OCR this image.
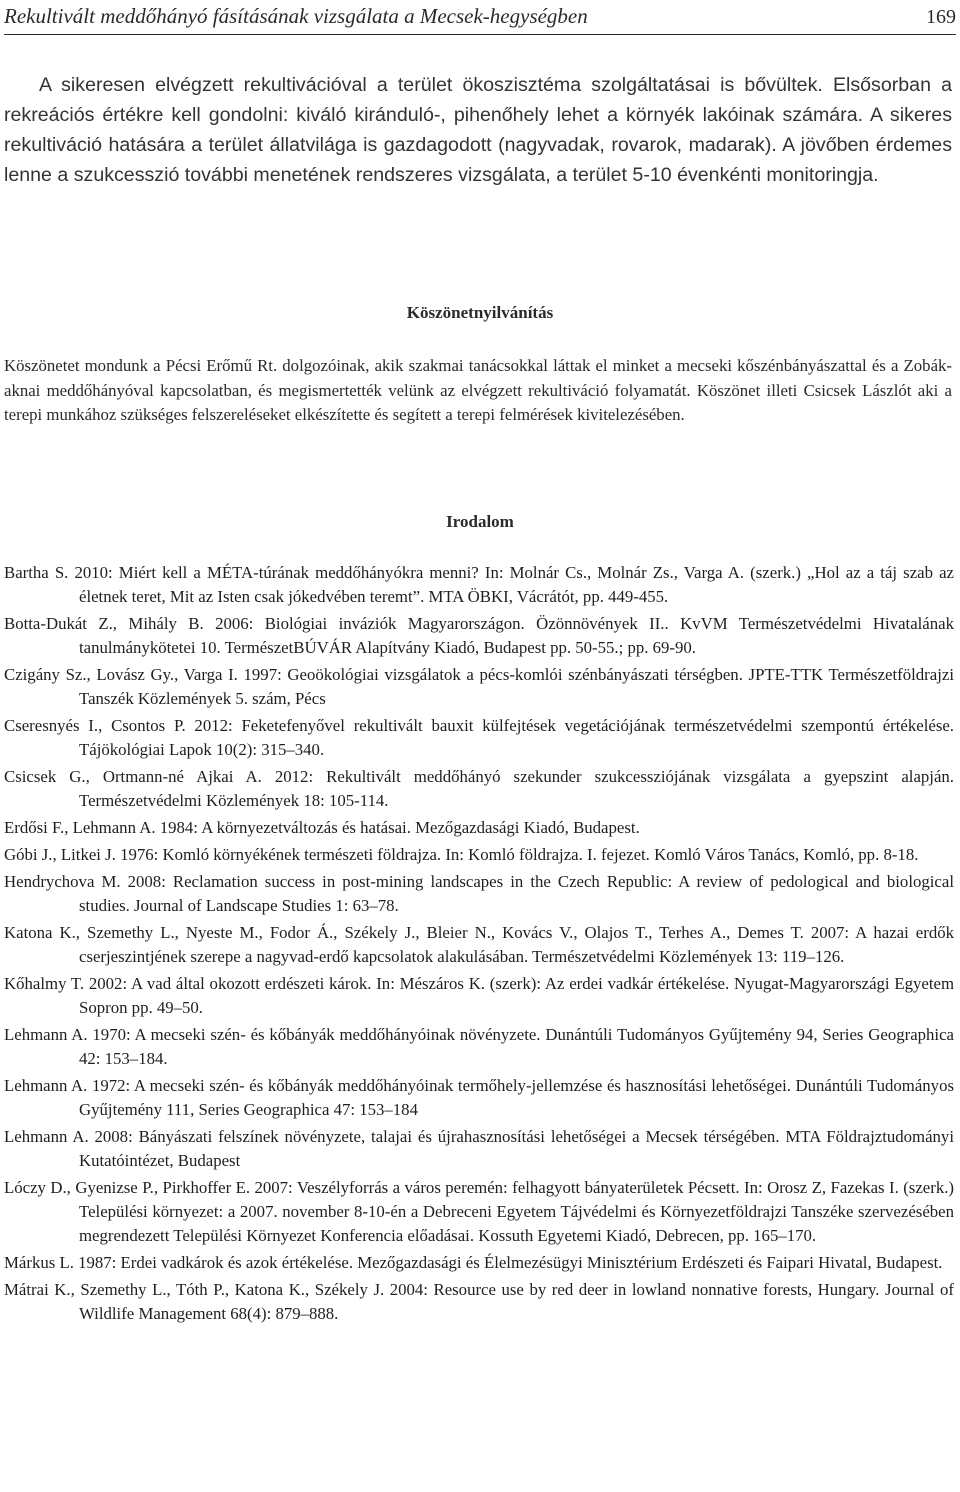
Rekultivált meddőhányó fásításának vizsgálata a Mecsek-hegységben	169

A sikeresen elvégzett rekultivációval a terület ökoszisztéma szolgáltatásai is bővültek. Elsősorban a rekreációs értékre kell gondolni: kiváló kiránduló-, pihenőhely lehet a környék lakóinak számára. A sikeres rekultiváció hatására a terület állatvilága is gazdagodott (nagyvadak, rovarok, madarak). A jövőben érdemes lenne a szukcesszió további menetének rendszeres vizsgálata, a terület 5-10 évenkénti monitoringja.

Köszönetnyilvánítás

Köszönetet mondunk a Pécsi Erőmű Rt. dolgozóinak, akik szakmai tanácsokkal láttak el minket a mecseki kőszénbányászattal és a Zobák-aknai meddőhányóval kapcsolatban, és megismertették velünk az elvégzett rekultiváció folyamatát. Köszönet illeti Csicsek Lászlót aki a terepi munkához szükséges felszereléseket elkészítette és segített a terepi felmérések kivitelezésében.

Irodalom
Bartha S. 2010: Miért kell a MÉTA-túrának meddőhányókra menni? In: Molnár Cs., Molnár Zs., Varga A. (szerk.) „Hol az a táj szab az életnek teret, Mit az Isten csak jókedvében teremt”. MTA ÖBKI, Vácrátót, pp. 449-455.
Botta-Dukát Z., Mihály B. 2006: Biológiai inváziók Magyarországon. Özönnövények II.. KvVM Természetvédelmi Hivatalának tanulmánykötetei 10. TermészetBÚVÁR Alapítvány Kiadó, Budapest pp. 50-55.; pp. 69-90.
Czigány Sz., Lovász Gy., Varga I. 1997: Geoökológiai vizsgálatok a pécs-komlói szénbányászati térségben. JPTE-TTK Természetföldrajzi Tanszék Közlemények 5. szám, Pécs
Cseresnyés I., Csontos P. 2012: Feketefenyővel rekultivált bauxit külfejtések vegetációjának természetvédelmi szempontú értékelése. Tájökológiai Lapok 10(2): 315–340.
Csicsek G., Ortmann-né Ajkai A. 2012: Rekultivált meddőhányó szekunder szukcessziójának vizsgálata a gyepszint alapján. Természetvédelmi Közlemények 18: 105-114.
Erdősi F., Lehmann A. 1984: A környezetváltozás és hatásai. Mezőgazdasági Kiadó, Budapest.
Góbi J., Litkei J. 1976: Komló környékének természeti földrajza. In: Komló földrajza. I. fejezet. Komló Város Tanács, Komló, pp. 8-18.
Hendrychova M. 2008: Reclamation success in post-mining landscapes in the Czech Republic: A review of pedological and biological studies. Journal of Landscape Studies 1: 63–78.
Katona K., Szemethy L., Nyeste M., Fodor Á., Székely J., Bleier N., Kovács V., Olajos T., Terhes A., Demes T. 2007: A hazai erdők cserjeszintjének szerepe a nagyvad-erdő kapcsolatok alakulásában. Természetvédelmi Közlemények 13: 119–126.
Kőhalmy T. 2002: A vad által okozott erdészeti károk. In: Mészáros K. (szerk): Az erdei vadkár értékelése. Nyugat-Magyarországi Egyetem Sopron pp. 49–50.
Lehmann A. 1970: A mecseki szén- és kőbányák meddőhányóinak növényzete. Dunántúli Tudományos Gyűjtemény 94, Series Geographica 42: 153–184.
Lehmann A. 1972: A mecseki szén- és kőbányák meddőhányóinak termőhely-jellemzése és hasznosítási lehetőségei. Dunántúli Tudományos Gyűjtemény 111, Series Geographica 47: 153–184
Lehmann A. 2008: Bányászati felszínek növényzete, talajai és újrahasznosítási lehetőségei a Mecsek térségében. MTA Földrajztudományi Kutatóintézet, Budapest
Lóczy D., Gyenizse P., Pirkhoffer E. 2007: Veszélyforrás a város peremén: felhagyott bányaterületek Pécsett. In: Orosz Z, Fazekas I. (szerk.) Települési környezet: a 2007. november 8-10-én a Debreceni Egyetem Tájvédelmi és Környezetföldrajzi Tanszéke szervezésében megrendezett Települési Környezet Konferencia előadásai. Kossuth Egyetemi Kiadó, Debrecen, pp. 165–170.
Márkus L. 1987: Erdei vadkárok és azok értékelése. Mezőgazdasági és Élelmezésügyi Minisztérium Erdészeti és Faipari Hivatal, Budapest.
Mátrai K., Szemethy L., Tóth P., Katona K., Székely J. 2004: Resource use by red deer in lowland nonnative forests, Hungary. Journal of Wildlife Management 68(4): 879–888.
